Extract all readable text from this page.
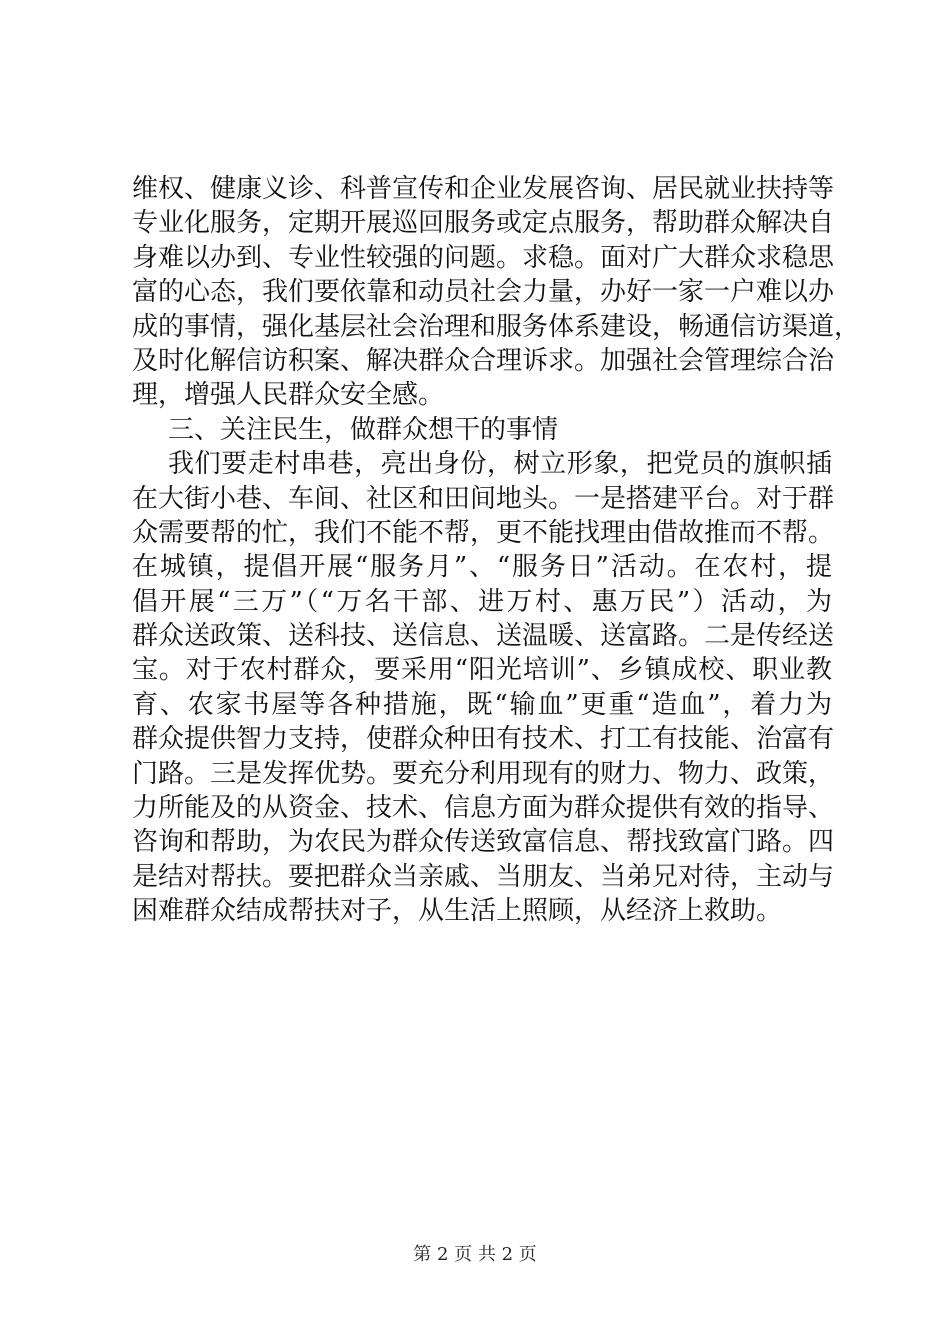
维权、健康义诊、科普宣传和企业发展咨询、居民就业扶持等
专业化服务，定期开展巡回服务或定点服务，帮助群众解决自
身难以办到、专业性较强的问题。求稳。面对广大群众求稳思
富的心态，我们要依靠和动员社会力量，办好一家一户难以办
成的事情，强化基层社会治理和服务体系建设，畅通信访渠道，
及时化解信访积案、解决群众合理诉求。加强社会管理综合治
理，增强人民群众安全感。
三、关注民生，做群众想干的事情
我们要走村串巷，亮出身份，树立形象，把党员的旗帜插
在大街小巷、车间、社区和田间地头。一是搭建平台。对于群
众需要帮的忙，我们不能不帮，更不能找理由借故推而不帮。
在城镇，提倡开展“服务月”、“服务日”活动。在农村，提
倡开展“三万”（“万名干部、进万村、惠万民”）活动，为
群众送政策、送科技、送信息、送温暖、送富路。二是传经送
宝。对于农村群众，要采用“阳光培训”、乡镇成校、职业教
育、农家书屋等各种措施，既“输血”更重“造血”，着力为
群众提供智力支持，使群众种田有技术、打工有技能、治富有
门路。三是发挥优势。要充分利用现有的财力、物力、政策，
力所能及的从资金、技术、信息方面为群众提供有效的指导、
咨询和帮助，为农民为群众传送致富信息、帮找致富门路。四
是结对帮扶。要把群众当亲戚、当朋友、当弟兄对待，主动与
困难群众结成帮扶对子，从生活上照顾，从经济上救助。
第 2 页 共 2 页
